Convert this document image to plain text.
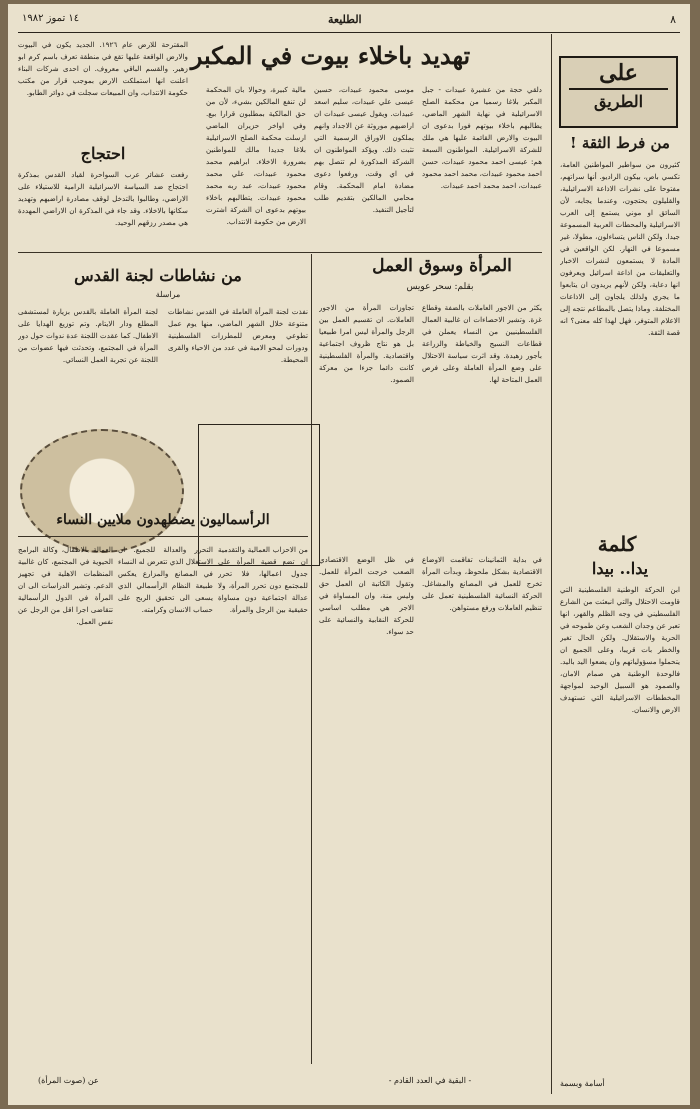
٨
الطليعة
١٤ تموز ١٩٨٢
على
الطريق
من فرط الثقة !
كثيرون من سواطير المواطنين العامة، تكسي باص، بيكون الراديو. أنها سراتهم، مفتوحا على نشرات الاذاعة الاسرائيلية، والقليلون يحتجون، وعندما يجابه، لأن السائق او موني يستمع إلى العرب الاسرائيلية والمحطات العربية المسموعة جيدا. ولكن الناس يتساءلون، مطولا، غير مسموعا في النهار. لكن الواقعين في المادة لا يستمعون لنشرات الاخبار والتعليقات من اذاعة اسرائيل ويعرفون انها دعاية، ولكن لأنهم يريدون ان يتابعوا ما يجري ولذلك يلجاون إلى الاذاعات المختلفة. وماذا يتصل بالمطاعم نتجه إلى الاعلام المتوفر، فهل لهذا كله معنى؟ انه قصة الثقة.
كلمة
يدا.. بيدا
ابن الحركة الوطنية الفلسطينية التي قاومت الاحتلال والتي انبعثت من الشارع الفلسطيني في وجه الظلم والقهر، انها تعبر عن وجدان الشعب وعن طموحه في الحرية والاستقلال. ولكن الحال تغير والخطر بات قريبا، وعلى الجميع ان يتحملوا مسؤولياتهم وان يضعوا اليد باليد. فالوحدة الوطنية هي صمام الامان، والصمود هو السبيل الوحيد لمواجهة المخططات الاسرائيلية التي تستهدف الارض والانسان.
أسامة وبسمة
تهديد باخلاء بيوت في المكبر
دلقي حجة من عشيرة عبيدات - جبل المكبر بلاغا رسميا من محكمة الصلح الاسرائيلية في نهاية الشهر الماضي، يطالبهم باخلاء بيوتهم فورا بدعوى ان البيوت والارض القائمة عليها هي ملك للشركة الاسرائيلية. المواطنون السبعة هم: عيسى احمد محمود عبيدات، حسن احمد محمود عبيدات، محمد احمد محمود عبيدات، احمد محمد احمد عبيدات.
موسى محمود عبيدات، حسين عيسى علي عبيدات، سليم اسعد عبيدات. ويقول عيسى عبيدات ان اراضيهم موروثة عن الاجداد وانهم يملكون الاوراق الرسمية التي تثبت ذلك. ويؤكد المواطنون ان الشركة المذكورة لم تتصل بهم في اي وقت، ورفعوا دعوى مضادة امام المحكمة. وقام محامي المالكين بتقديم طلب لتأجيل التنفيذ.
مالية كبيرة، وحوالا بان المحكمة لن تنفع المالكين بشيء، لأن من حق المالكية بمطلبون قرارا بيع. وفي اواخر حزيران الماضي ارسلت محكمة الصلح الاسرائيلية بلاغا جديدا مالك للمواطنين بضرورة الاخلاء. ابراهيم محمد محمود عبيدات، علي محمد محمود عبيدات، عبد ربه محمد محمود عبيدات. يتطالبهم باخلاء بيوتهم بدعوى ان الشركة اشترت الارض من حكومة الانتداب.
المقترحة للارض عام ١٩٢٦. الجديد يكون في البيوت والارض الواقعة عليها تقع في منطقة تعرف باسم كرم ابو زهير. والقسم الباقي معروف. ان احدى شركات البناء اعلنت انها استملكت الارض بموجب قرار من مكتب حكومة الانتداب، وان المبيعات سجلت في دوائر الطابو.
احتجاج
رفعت عشائر عرب السواحرة لقياد القدس بمذكرة احتجاج ضد السياسة الاسرائيلية الرامية للاستيلاء على الاراضي، وطالبوا بالتدخل لوقف مصادرة اراضيهم وتهديد سكانها بالاخلاء. وقد جاء في المذكرة ان الاراضي المهددة هي مصدر رزقهم الوحيد.
المرأة وسوق العمل
بقلم: سحر عويس
يكثر من الاجور العاملات بالضفة وقطاع غزة. وتشير الاحصاءات ان غالبية العمال الفلسطينيين من النساء يعملن في قطاعات النسيج والخياطة والزراعة بأجور زهيدة. وقد اثرت سياسة الاحتلال على وضع المرأة العاملة وعلى فرص العمل المتاحة لها.
تجاوزات المرأة من الاجور العاملات. ان تقسيم العمل بين الرجل والمرأة ليس امرا طبيعيا بل هو نتاج ظروف اجتماعية واقتصادية. والمرأة الفلسطينية كانت دائما جزءا من معركة الصمود.
في بداية الثمانينات تفاقمت الاوضاع الاقتصادية بشكل ملحوظ، وبدأت المرأة تخرج للعمل في المصانع والمشاغل. الحركة النسائية الفلسطينية تعمل على تنظيم العاملات ورفع مستواهن.
في ظل الوضع الاقتصادي الصعب خرجت المرأة للعمل. وتقول الكاتبة ان العمل حق وليس منة، وان المساواة في الاجر هي مطلب اساسي للحركة النقابية والنسائية على حد سواء.
من نشاطات لجنة القدس
مراسلة
لجنة المرأة العاملة بالقدس بزيارة لمستشفى المطلع ودار الايتام. وتم توزيع الهدايا على الاطفال. كما عقدت اللجنة عدة ندوات حول دور المرأة في المجتمع، وتحدثت فيها عضوات من اللجنة عن تجربة العمل النسائي.
نفذت لجنة المرأة العاملة في القدس نشاطات متنوعة خلال الشهر الماضي، منها يوم عمل تطوعي ومعرض للمطرزات الفلسطينية ودورات لمحو الامية في عدد من الاحياء والقرى المحيطة.
الرأسماليون يضطهدون ملايين النساء
العمالة بالاطفال، وكالة البرامج الحيوية في المجتمع، كان غالبية المنظمات الاهلية في تجهيز الدعم. وتشير الدراسات الى ان المرأة في الدول الرأسمالية تتقاضى اجرا اقل من الرجل عن نفس العمل.
التحرر والعدالة للجميع. ان الاستغلال الذي تتعرض له النساء في المصانع والمزارع يعكس طبيعة النظام الرأسمالي الذي يسعى الى تحقيق الربح على حساب الانسان وكرامته.
من الاحزاب العمالية والتقدمية ان تضع قضية المرأة على جدول اعمالها، فلا تحرر للمجتمع دون تحرر المرأة، ولا عدالة اجتماعية دون مساواة حقيقية بين الرجل والمرأة.
عن (صوت المرأة)	- البقية في العدد القادم -
